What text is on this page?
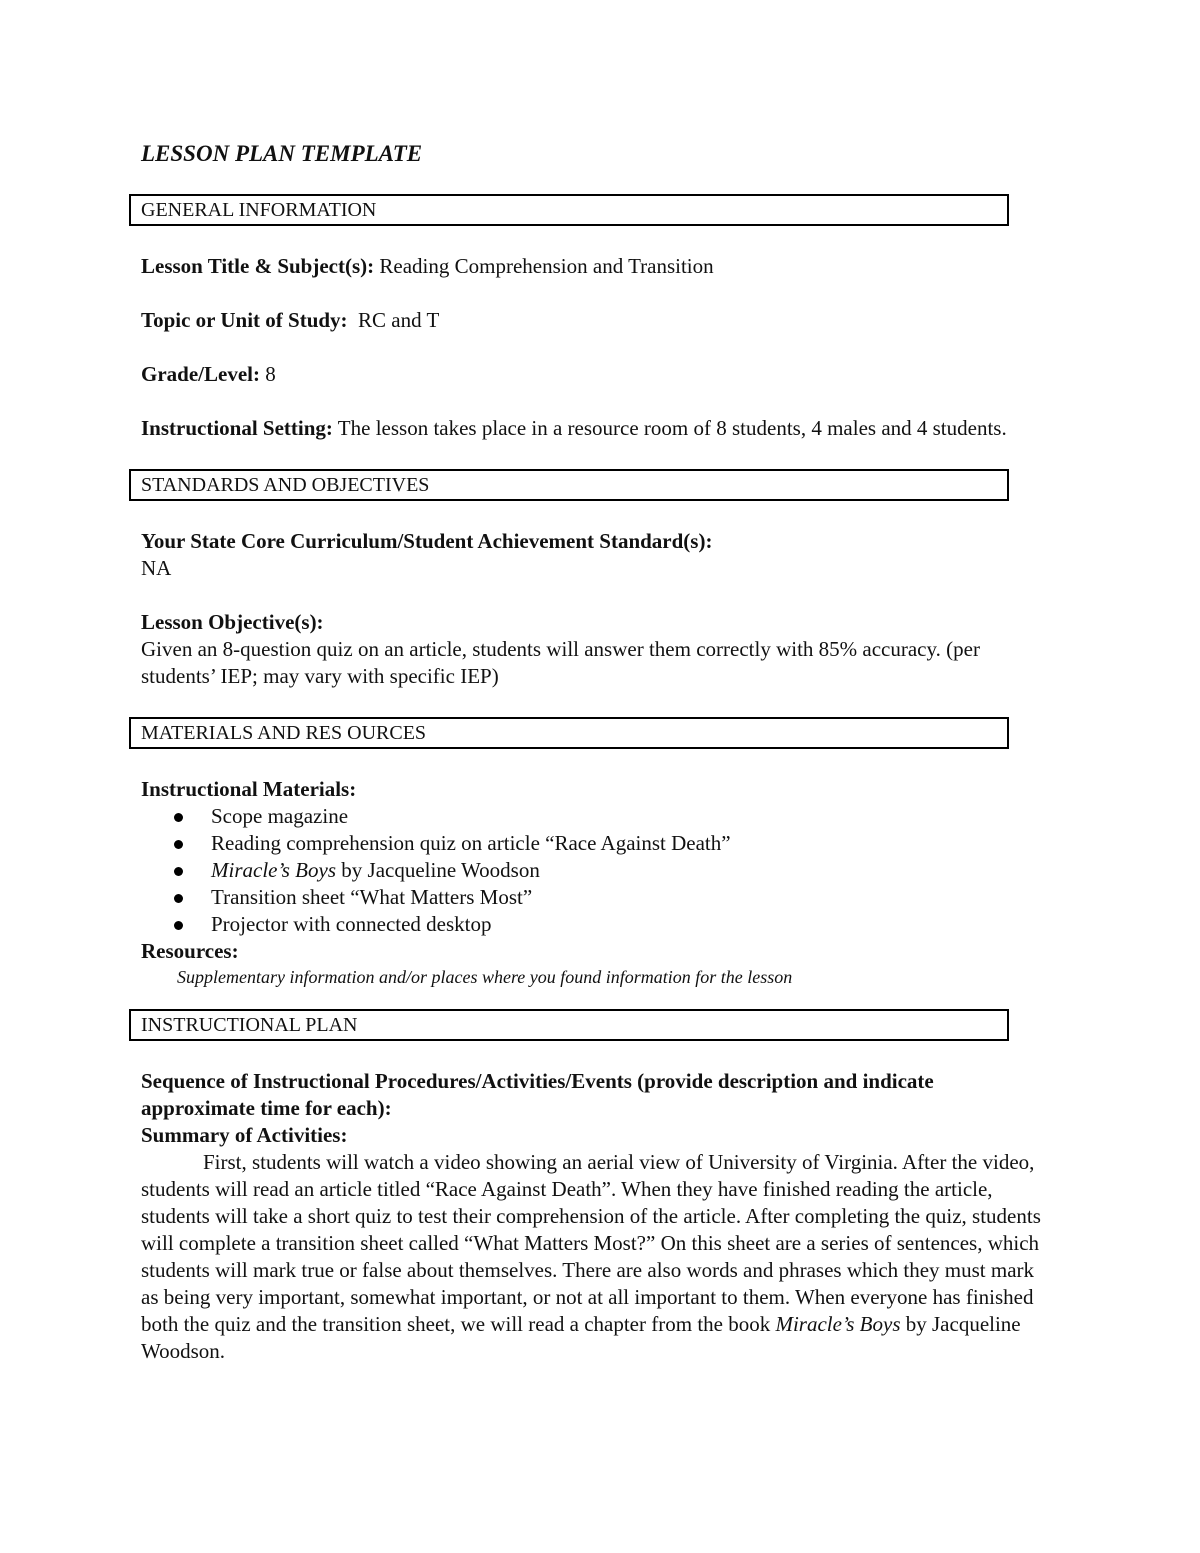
LESSON PLAN TEMPLATE
GENERAL INFORMATION

Lesson Title & Subject(s): Reading Comprehension and Transition

Topic or Unit of Study:  RC and T

Grade/Level: 8

Instructional Setting: The lesson takes place in a resource room of 8 students, 4 males and 4 students.

STANDARDS AND OBJECTIVES

Your State Core Curriculum/Student Achievement Standard(s):

NA

Lesson Objective(s):

Given an 8-question quiz on an article, students will answer them correctly with 85% accuracy. (per students’ IEP; may vary with specific IEP)

MATERIALS AND RES OURCES

Instructional Materials:

Scope magazine
Reading comprehension quiz on article “Race Against Death”
Miracle’s Boys by Jacqueline Woodson
Transition sheet “What Matters Most”
Projector with connected desktop

Resources:

Supplementary information and/or places where you found information for the lesson

INSTRUCTIONAL PLAN

Sequence of Instructional Procedures/Activities/Events (provide description and indicate approximate time for each):

Summary of Activities:

First, students will watch a video showing an aerial view of University of Virginia. After the video, students will read an article titled “Race Against Death”. When they have finished reading the article, students will take a short quiz to test their comprehension of the article. After completing the quiz, students will complete a transition sheet called “What Matters Most?” On this sheet are a series of sentences, which students will mark true or false about themselves. There are also words and phrases which they must mark as being very important, somewhat important, or not at all important to them. When everyone has finished both the quiz and the transition sheet, we will read a chapter from the book Miracle’s Boys by Jacqueline Woodson.
